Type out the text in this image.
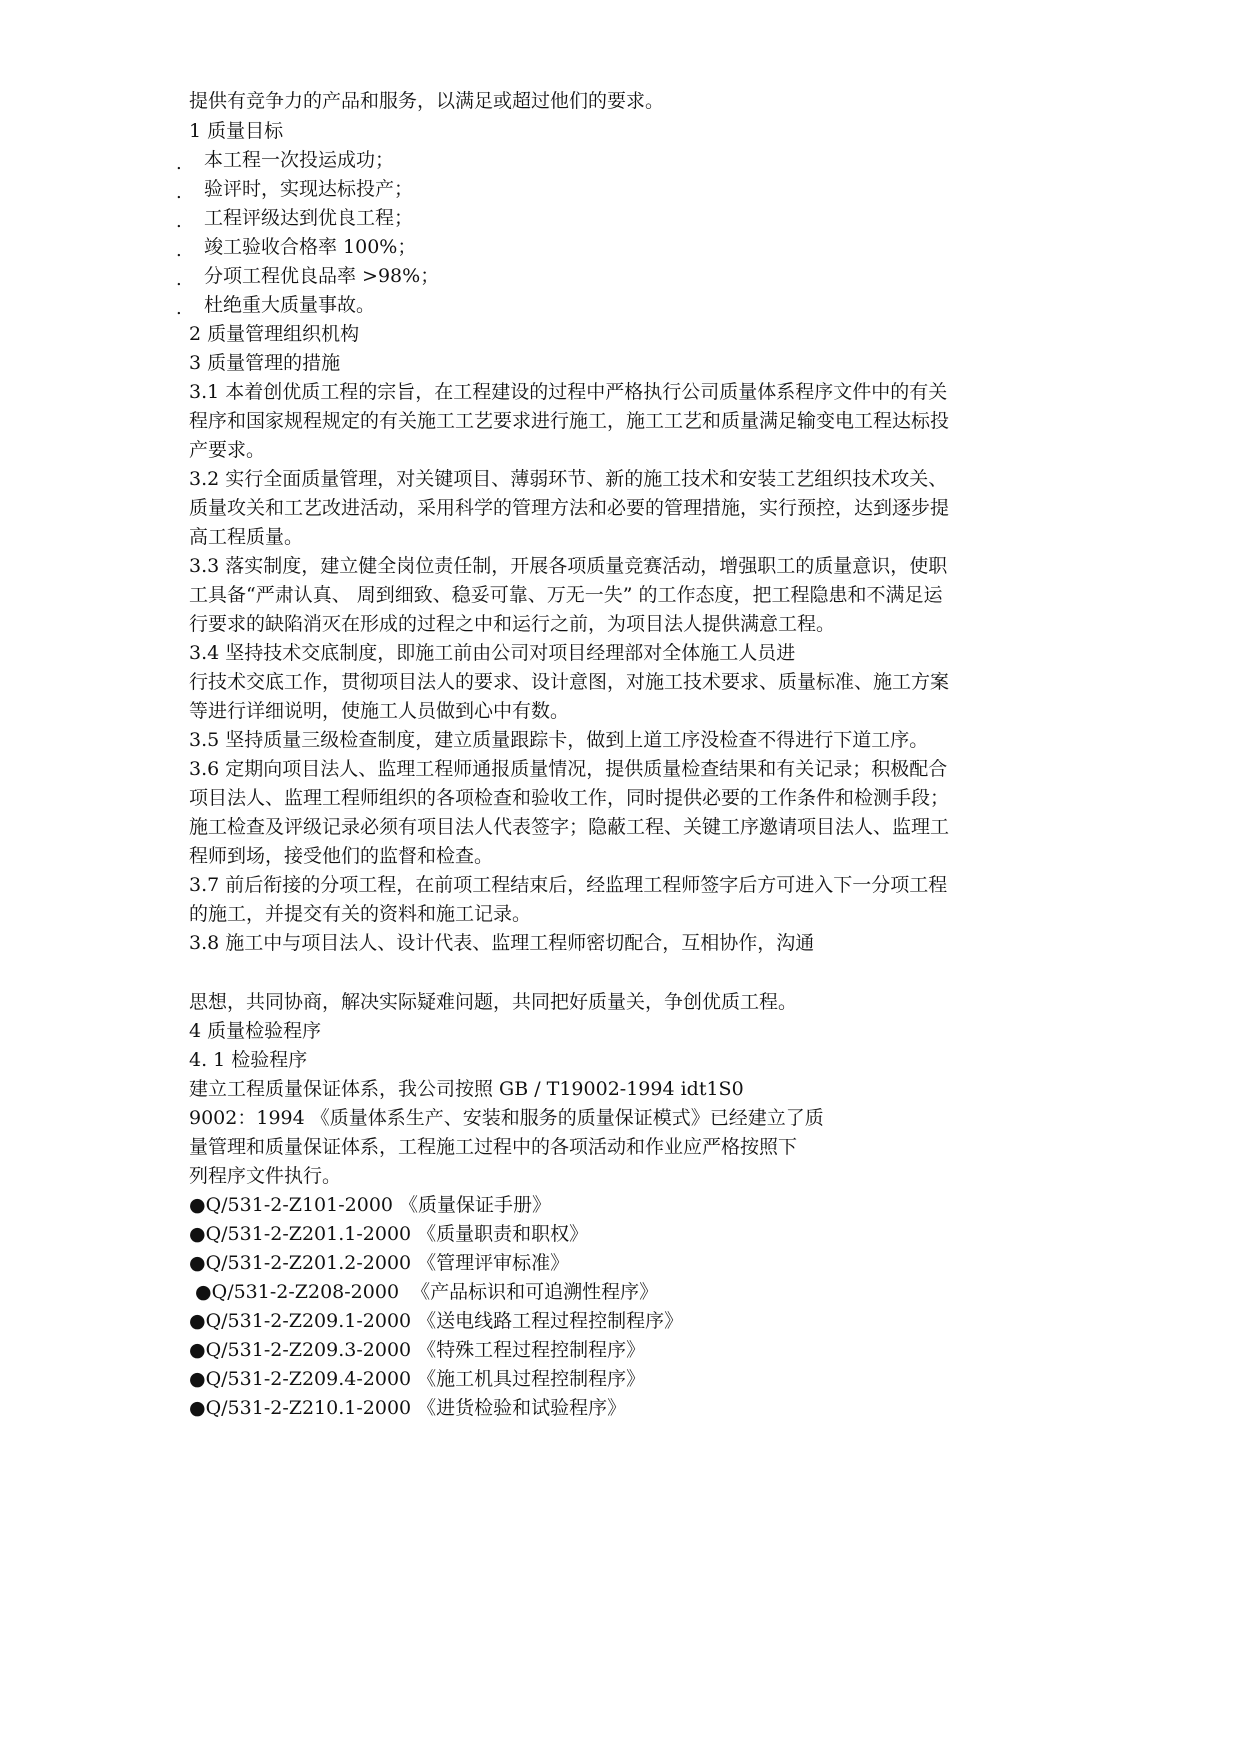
提供有竞争力的产品和服务，以满足或超过他们的要求。
1 质量目标
. 本工程一次投运成功；
. 验评时，实现达标投产；
. 工程评级达到优良工程；
. 竣工验收合格率 100%；
. 分项工程优良品率 >98%；
. 杜绝重大质量事故。
2 质量管理组织机构
3 质量管理的措施
3.1 本着创优质工程的宗旨，在工程建设的过程中严格执行公司质量体系程序文件中的有关
程序和国家规程规定的有关施工工艺要求进行施工，施工工艺和质量满足输变电工程达标投
产要求。
3.2 实行全面质量管理，对关键项目、薄弱环节、新的施工技术和安装工艺组织技术攻关、
质量攻关和工艺改进活动，采用科学的管理方法和必要的管理措施，实行预控，达到逐步提
高工程质量。
3.3 落实制度，建立健全岗位责任制，开展各项质量竞赛活动，增强职工的质量意识，使职
工具备“严肃认真、 周到细致、稳妥可靠、万无一失” 的工作态度，把工程隐患和不满足运
行要求的缺陷消灭在形成的过程之中和运行之前，为项目法人提供满意工程。
3.4 坚持技术交底制度，即施工前由公司对项目经理部对全体施工人员进
行技术交底工作，贯彻项目法人的要求、设计意图，对施工技术要求、质量标准、施工方案
等进行详细说明，使施工人员做到心中有数。
3.5 坚持质量三级检查制度，建立质量跟踪卡，做到上道工序没检查不得进行下道工序。
3.6 定期向项目法人、监理工程师通报质量情况，提供质量检查结果和有关记录；积极配合
项目法人、监理工程师组织的各项检查和验收工作，同时提供必要的工作条件和检测手段；
施工检查及评级记录必须有项目法人代表签字；隐蔽工程、关键工序邀请项目法人、监理工
程师到场，接受他们的监督和检查。
3.7 前后衔接的分项工程，在前项工程结束后，经监理工程师签字后方可进入下一分项工程
的施工，并提交有关的资料和施工记录。
3.8 施工中与项目法人、设计代表、监理工程师密切配合，互相协作，沟通
思想，共同协商，解决实际疑难问题，共同把好质量关，争创优质工程。
4 质量检验程序
4. 1 检验程序
建立工程质量保证体系，我公司按照 GB / T19002-1994 idt1S0
9002：1994 《质量体系生产、安装和服务的质量保证模式》已经建立了质
量管理和质量保证体系，工程施工过程中的各项活动和作业应严格按照下
列程序文件执行。
●Q/531-2-Z101-2000 《质量保证手册》
●Q/531-2-Z201.1-2000 《质量职责和职权》
●Q/531-2-Z201.2-2000 《管理评审标准》
●Q/531-2-Z208-2000  《产品标识和可追溯性程序》
●Q/531-2-Z209.1-2000 《送电线路工程过程控制程序》
●Q/531-2-Z209.3-2000 《特殊工程过程控制程序》
●Q/531-2-Z209.4-2000 《施工机具过程控制程序》
●Q/531-2-Z210.1-2000 《进货检验和试验程序》
